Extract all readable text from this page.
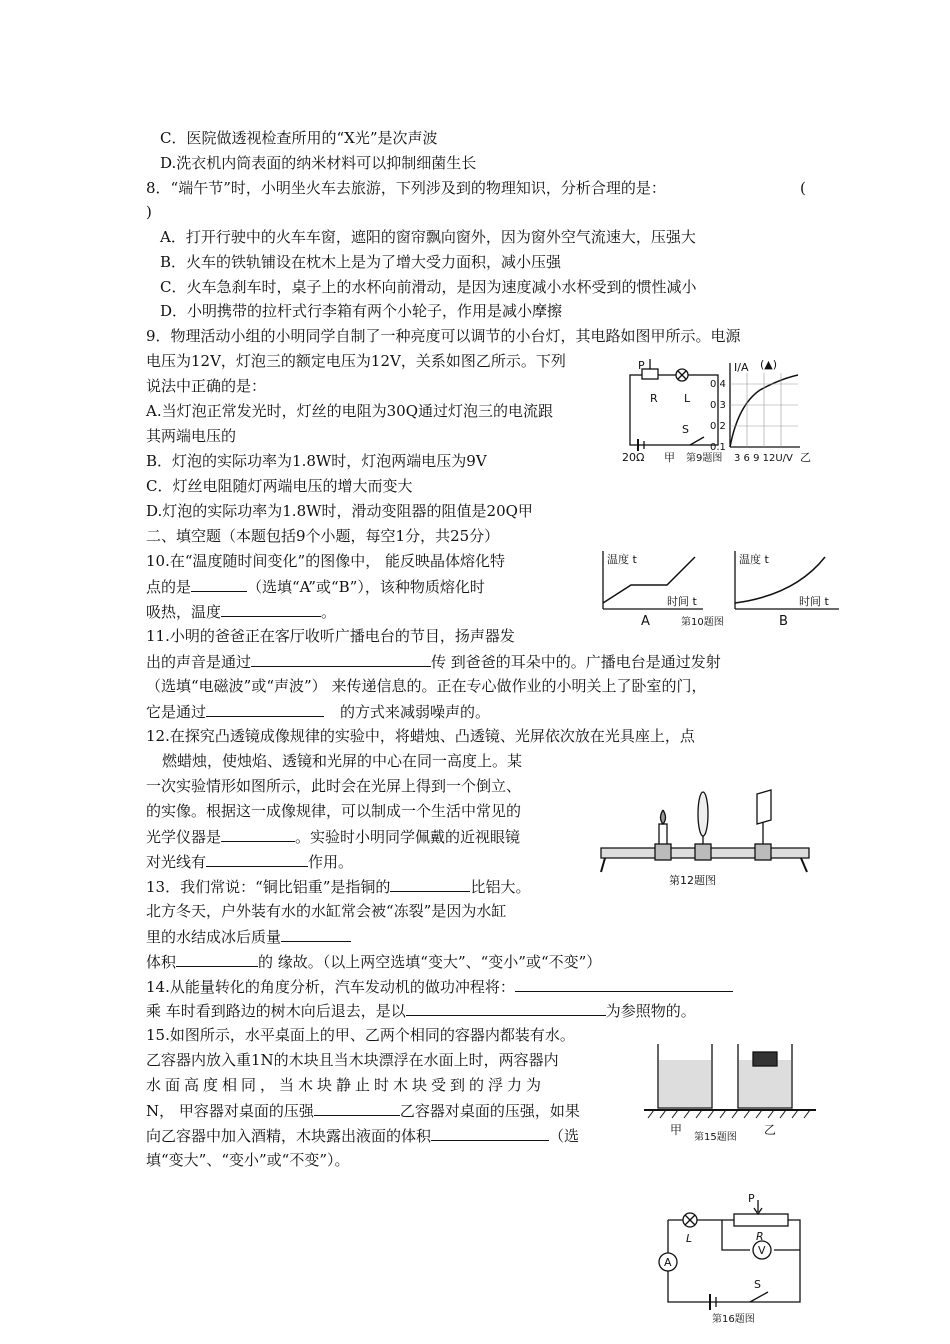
C．医院做透视检查所用的“X光”是次声波
D.洗衣机内筒表面的纳米材料可以抑制细菌生长
8．“端午节”时，小明坐火车去旅游，下列涉及到的物理知识，分析合理的是：	(
)
A．打开行驶中的火车车窗，遮阳的窗帘飘向窗外，因为窗外空气流速大，压强大
B．火车的铁轨铺设在枕木上是为了增大受力面积，减小压强
C．火车急刹车时，桌子上的水杯向前滑动，是因为速度减小水杯受到的惯性减小
D．小明携带的拉杆式行李箱有两个小轮子，作用是减小摩擦
9．物理活动小组的小明同学自制了一种亮度可以调节的小台灯，其电路如图甲所示。电源
电压为12V，灯泡三的额定电压为12V，关系如图乙所示。下列
说法中正确的是：
A.当灯泡正常发光时，灯丝的电阻为30Q通过灯泡三的电流跟
其两端电压的
B．灯泡的实际功率为1.8W时，灯泡两端电压为9V
C．灯丝电阻随灯两端电压的增大而变大
D.灯泡的实际功率为1.8W时，滑动变阻器的阻值是20Q甲
P
R L
S
I/A (▲)
0.4
0.3
0.2
0.1
3 6 9 12U/V
20Ω 甲 第9题图	乙
二、填空题（本题包括9个小题，每空1分，共25分）
10.在“温度随时间变化”的图像中， 能反映晶体熔化特
点的是	（选填“A”或“B”），该种物质熔化时
吸热，温度	。
温度 t
时间 t
温度 t
时间 t
A	第10题图	B
11.小明的爸爸正在客厅收听广播电台的节目，扬声器发
出的声音是通过	传 到爸爸的耳朵中的。广播电台是通过发射
（选填“电磁波”或“声波”） 来传递信息的。正在专心做作业的小明关上了卧室的门，
它是通过	的方式来减弱噪声的。
12.在探究凸透镜成像规律的实验中，将蜡烛、凸透镜、光屏依次放在光具座上，点
燃蜡烛，使烛焰、透镜和光屏的中心在同一高度上。某
一次实验情形如图所示，此时会在光屏上得到一个倒立、
的实像。根据这一成像规律，可以制成一个生活中常见的
光学仪器是	。实验时小明同学佩戴的近视眼镜
对光线有	作用。
第12题图
13．我们常说：“铜比铝重”是指铜的	比铝大。
北方冬天，户外装有水的水缸常会被“冻裂”是因为水缸
里的水结成冰后质量
体积	的 缘故。（以上两空选填“变大”、“变小”或“不变”）
14.从能量转化的角度分析，汽车发动机的做功冲程将：
乘 车时看到路边的树木向后退去，是以	为参照物的。
15.如图所示，水平桌面上的甲、乙两个相同的容器内都装有水。
乙容器内放入重1N的木块且当木块漂浮在水面上时，两容器内
水面高度相同，当木块静止时木块受到的浮力为
N， 甲容器对桌面的压强	乙容器对桌面的压强，如果
向乙容器中加入酒精，木块露出液面的体积	（选
填“变大”、“变小”或“不变”）。
甲
第15题图
乙
P
R
L
V
A
S
第16题图
